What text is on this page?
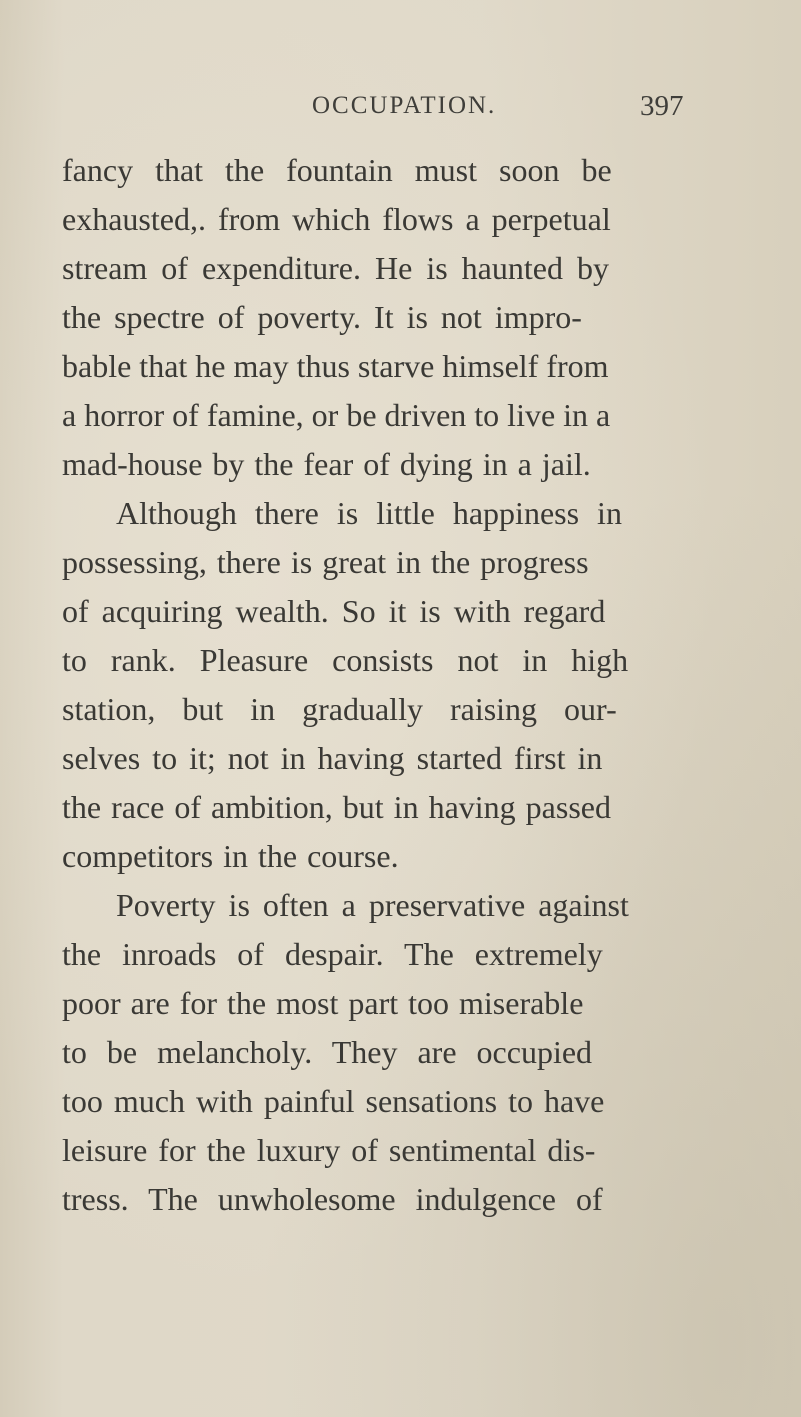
OCCUPATION.	397
fancy that the fountain must soon be
exhausted,. from which flows a perpetual
stream of expenditure. He is haunted by
the spectre of poverty. It is not impro-
bable that he may thus starve himself from
a horror of famine, or be driven to live in a
mad-house by the fear of dying in a jail.
Although there is little happiness in
possessing, there is great in the progress
of acquiring wealth. So it is with regard
to rank. Pleasure consists not in high
station, but in gradually raising our-
selves to it; not in having started first in
the race of ambition, but in having passed
competitors in the course.
Poverty is often a preservative against
the inroads of despair. The extremely
poor are for the most part too miserable
to be melancholy. They are occupied
too much with painful sensations to have
leisure for the luxury of sentimental dis-
tress. The unwholesome indulgence of
